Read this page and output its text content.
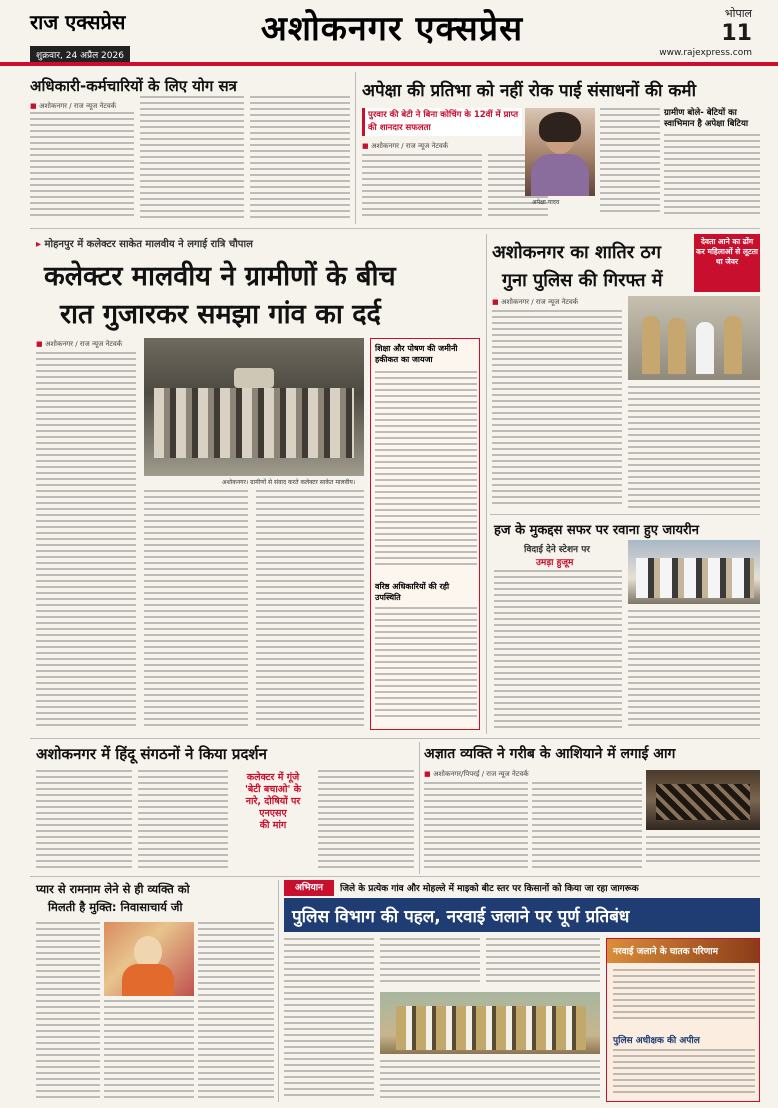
राज एक्सप्रेस
शुक्रवार, 24 अप्रैल 2026
अशोकनगर एक्सप्रेस	भोपाल
11
www.rajexpress.com
अधिकारी-कर्मचारियों के लिए योग सत्र
■ अशोकनगर / राज न्यूज नेटवर्क
अपेक्षा की प्रतिभा को नहीं रोक पाई संसाधनों की कमी
पुरवार की बेटी ने बिना कोचिंग के 12वीं में प्राप्त की शानदार सफलता
■ अशोकनगर / राज न्यूज नेटवर्क
अपेक्षा यादव
ग्रामीण बोले- बेटियों का स्वाभिमान है अपेक्षा बिटिया
▸ मोहनपुर में कलेक्टर साकेत मालवीय ने लगाई रात्रि चौपाल
कलेक्टर मालवीय ने ग्रामीणों के बीच
रात गुजारकर समझा गांव का दर्द
■ अशोकनगर / राज न्यूज नेटवर्क
अशोकनगर। ग्रामीणों से संवाद करते कलेक्टर साकेत मालवीय।
शिक्षा और पोषण की जमीनी हकीकत का जायजा
वरिष्ठ अधिकारियों की रही उपस्थिति
अशोकनगर का शातिर ठग
गुना पुलिस की गिरफ्त में
देवता आने का ढोंग कर महिलाओं से लूटता था जेवर
■ अशोकनगर / राज न्यूज नेटवर्क
हज के मुकद्दस सफर पर रवाना हुए जायरीन
विदाई देने स्टेशन पर
उमड़ा हुजूम
अशोकनगर में हिंदू संगठनों ने किया प्रदर्शन
कलेक्टर में गूंजे
'बेटी बचाओ' के
नारे, दोषियों पर
एनएसए
की मांग
अज्ञात व्यक्ति ने गरीब के आशियाने में लगाई आग
■ अशोकनगर/पिपरई / राज न्यूज नेटवर्क
प्यार से रामनाम लेने से ही व्यक्ति को
मिलती है मुक्ति: निवासाचार्य जी
अभियान	जिले के प्रत्येक गांव और मोहल्ले में माइको बीट स्तर पर किसानों को किया जा रहा जागरूक
पुलिस विभाग की पहल, नरवाई जलाने पर पूर्ण प्रतिबंध
नरवाई जलाने के घातक परिणाम
पुलिस अधीक्षक की अपील
